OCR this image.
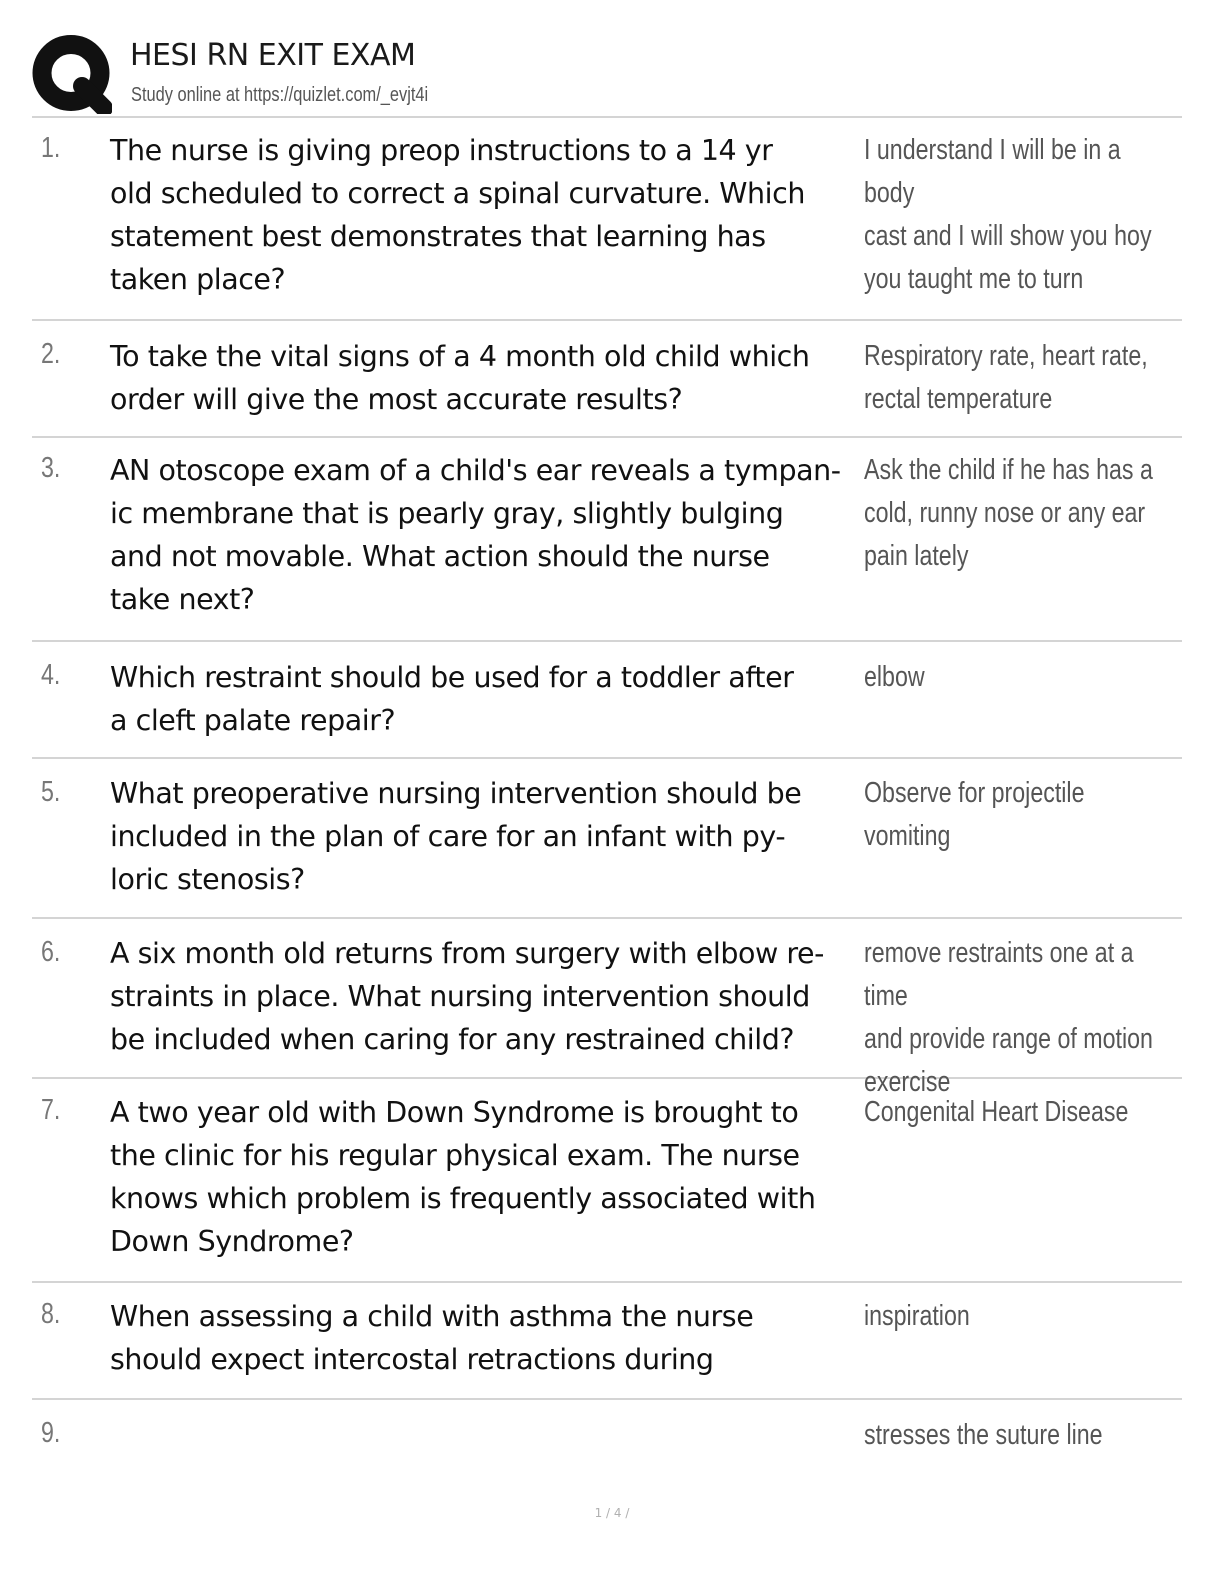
HESI RN EXIT EXAM
Study online at https://quizlet.com/_evjt4i
1. The nurse is giving preop instructions to a 14 yr
old scheduled to correct a spinal curvature. Which
statement best demonstrates that learning has
taken place?
I understand I will be in a body
cast and I will show you hoy
you taught me to turn
2. To take the vital signs of a 4 month old child which
order will give the most accurate results?
Respiratory rate, heart rate,
rectal temperature
3. AN otoscope exam of a child's ear reveals a tympan-
ic membrane that is pearly gray, slightly bulging
and not movable. What action should the nurse
take next?
Ask the child if he has has a
cold, runny nose or any ear
pain lately
4. Which restraint should be used for a toddler after
a cleft palate repair?
elbow
5. What preoperative nursing intervention should be
included in the plan of care for an infant with py-
loric stenosis?
Observe for projectile vomiting
6. A six month old returns from surgery with elbow re-
straints in place. What nursing intervention should
be included when caring for any restrained child?
remove restraints one at a time
and provide range of motion
exercise
7. A two year old with Down Syndrome is brought to
the clinic for his regular physical exam. The nurse
knows which problem is frequently associated with
Down Syndrome?
Congenital Heart Disease
8. When assessing a child with asthma the nurse
should expect intercostal retractions during
inspiration
9.	stresses the suture line
1 / 4 /
